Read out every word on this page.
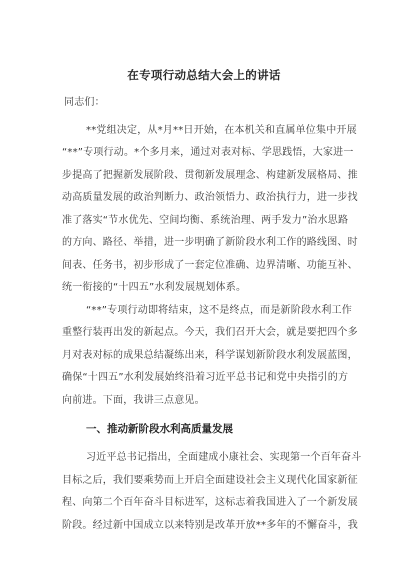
在专项行动总结大会上的讲话
同志们：
**党组决定，从*月**日开始，在本机关和直属单位集中开展
“**”专项行动。*个多月来，通过对表对标、学思践悟，大家进一
步提高了把握新发展阶段、贯彻新发展理念、构建新发展格局、推
动高质量发展的政治判断力、政治领悟力、政治执行力，进一步找
准了落实“节水优先、空间均衡、系统治理、两手发力”治水思路
的方向、路径、举措，进一步明确了新阶段水利工作的路线图、时
间表、任务书，初步形成了一套定位准确、边界清晰、功能互补、
统一衔接的“十四五”水利发展规划体系。
“**”专项行动即将结束，这不是终点，而是新阶段水利工作
重整行装再出发的新起点。今天，我们召开大会，就是要把四个多
月对表对标的成果总结凝练出来，科学谋划新阶段水利发展蓝图，
确保“十四五”水利发展始终沿着习近平总书记和党中央指引的方
向前进。下面，我讲三点意见。
一、推动新阶段水利高质量发展
习近平总书记指出，全面建成小康社会、实现第一个百年奋斗
目标之后，我们要乘势而上开启全面建设社会主义现代化国家新征
程、向第二个百年奋斗目标进军，这标志着我国进入了一个新发展
阶段。经过新中国成立以来特别是改革开放**多年的不懈奋斗，我
